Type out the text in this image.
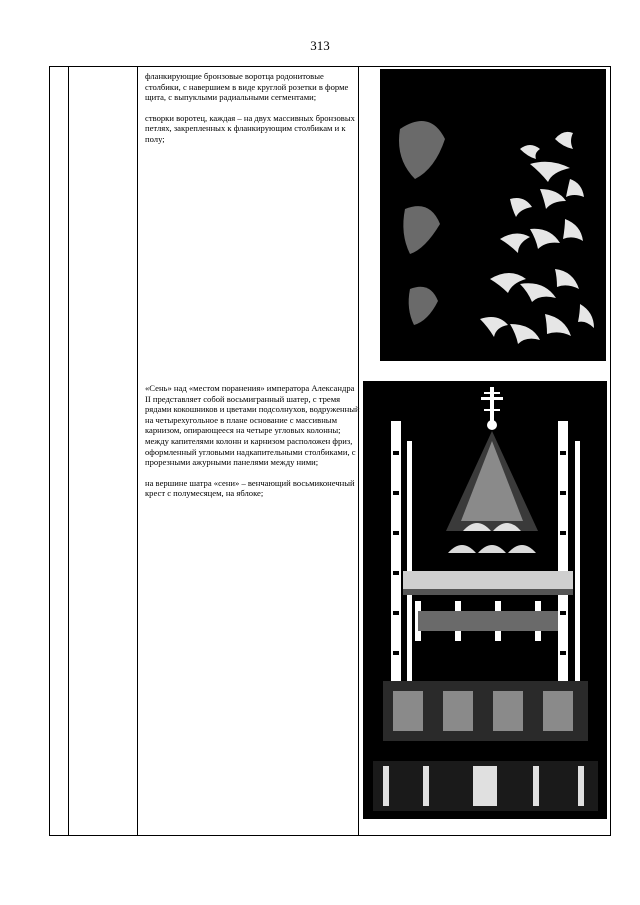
313

фланкирующие бронзовые воротца родонитовые столбики, с навершием в виде круглой розетки в форме щита, с выпуклыми радиальными сегментами;

створки воротец, каждая – на двух массивных бронзовых петлях, закрепленных к фланкирующим столбикам и к полу;

«Сень» над «местом поранения» императора Александра II представляет собой восьмигранный шатер, с тремя рядами кокошников и цветами подсолнухов, водруженный на четырехугольное в плане основание с массивным карнизом, опирающееся на четыре угловых колонны; между капителями колонн и карнизом расположен фриз, оформленный угловыми надкапительными столбиками, с прорезными ажурными панелями между ними;

на вершине шатра «сени» – венчающий восьмиконечный крест с полумесяцем, на яблоке;
